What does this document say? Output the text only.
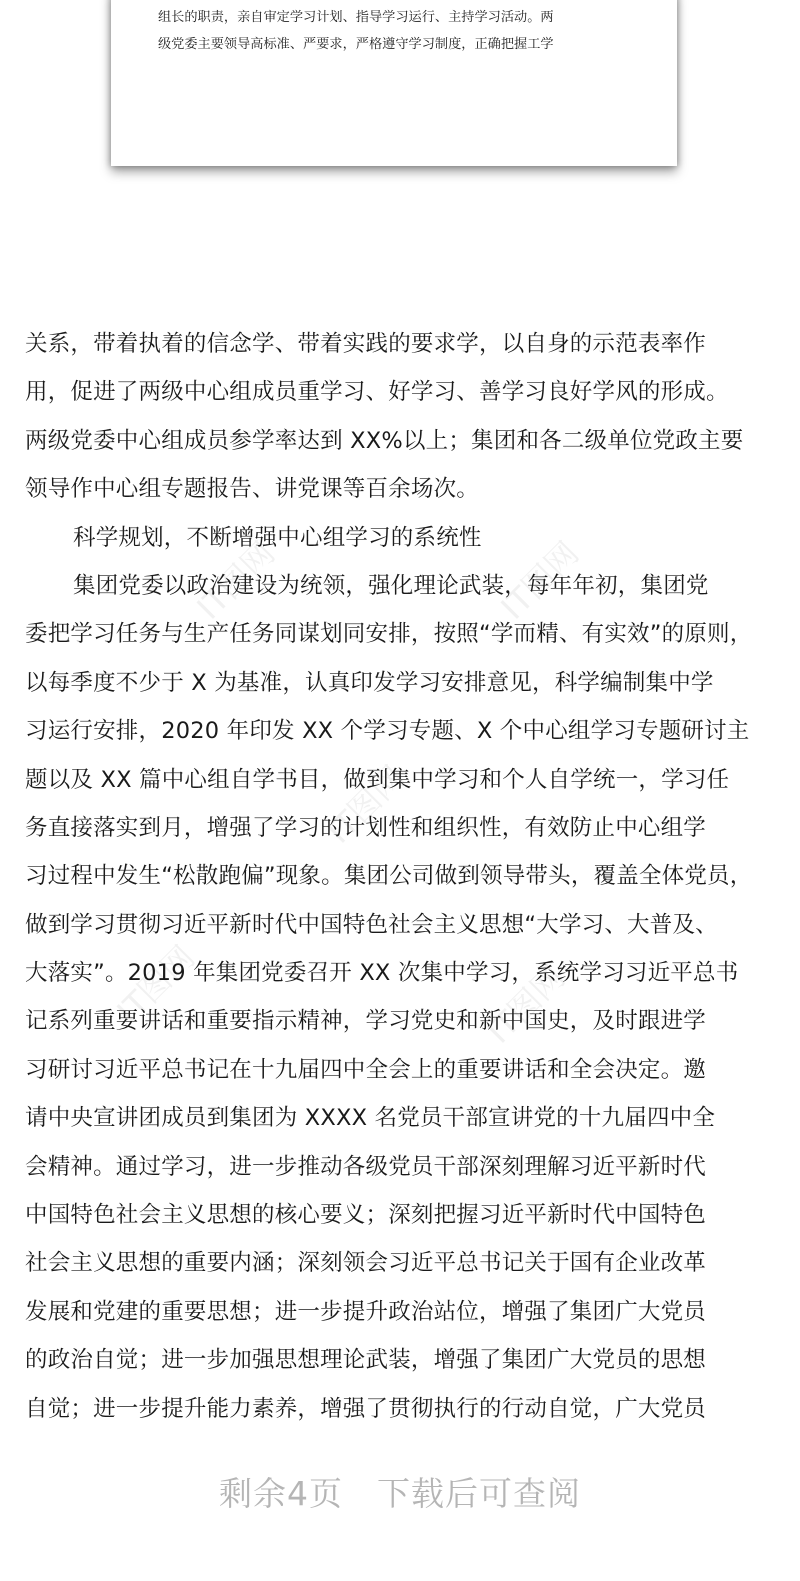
组长的职责，亲自审定学习计划、指导学习运行、主持学习活动。两
级党委主要领导高标准、严要求，严格遵守学习制度，正确把握工学
IT图网	IT图网
IT图网
IT图网	IT图网
关系，带着执着的信念学、带着实践的要求学，以自身的示范表率作
用，促进了两级中心组成员重学习、好学习、善学习良好学风的形成。
两级党委中心组成员参学率达到 XX%以上；集团和各二级单位党政主要
领导作中心组专题报告、讲党课等百余场次。
科学规划，不断增强中心组学习的系统性
集团党委以政治建设为统领，强化理论武装，每年年初，集团党
委把学习任务与生产任务同谋划同安排，按照“学而精、有实效”的原则，
以每季度不少于 X 为基准，认真印发学习安排意见，科学编制集中学
习运行安排，2020 年印发 XX 个学习专题、X 个中心组学习专题研讨主
题以及 XX 篇中心组自学书目，做到集中学习和个人自学统一，学习任
务直接落实到月，增强了学习的计划性和组织性，有效防止中心组学
习过程中发生“松散跑偏”现象。集团公司做到领导带头，覆盖全体党员，
做到学习贯彻习近平新时代中国特色社会主义思想“大学习、大普及、
大落实”。2019 年集团党委召开 XX 次集中学习，系统学习习近平总书
记系列重要讲话和重要指示精神，学习党史和新中国史，及时跟进学
习研讨习近平总书记在十九届四中全会上的重要讲话和全会决定。邀
请中央宣讲团成员到集团为 XXXX 名党员干部宣讲党的十九届四中全
会精神。通过学习，进一步推动各级党员干部深刻理解习近平新时代
中国特色社会主义思想的核心要义；深刻把握习近平新时代中国特色
社会主义思想的重要内涵；深刻领会习近平总书记关于国有企业改革
发展和党建的重要思想；进一步提升政治站位，增强了集团广大党员
的政治自觉；进一步加强思想理论武装，增强了集团广大党员的思想
自觉；进一步提升能力素养，增强了贯彻执行的行动自觉，广大党员
剩余4页 下载后可查阅
